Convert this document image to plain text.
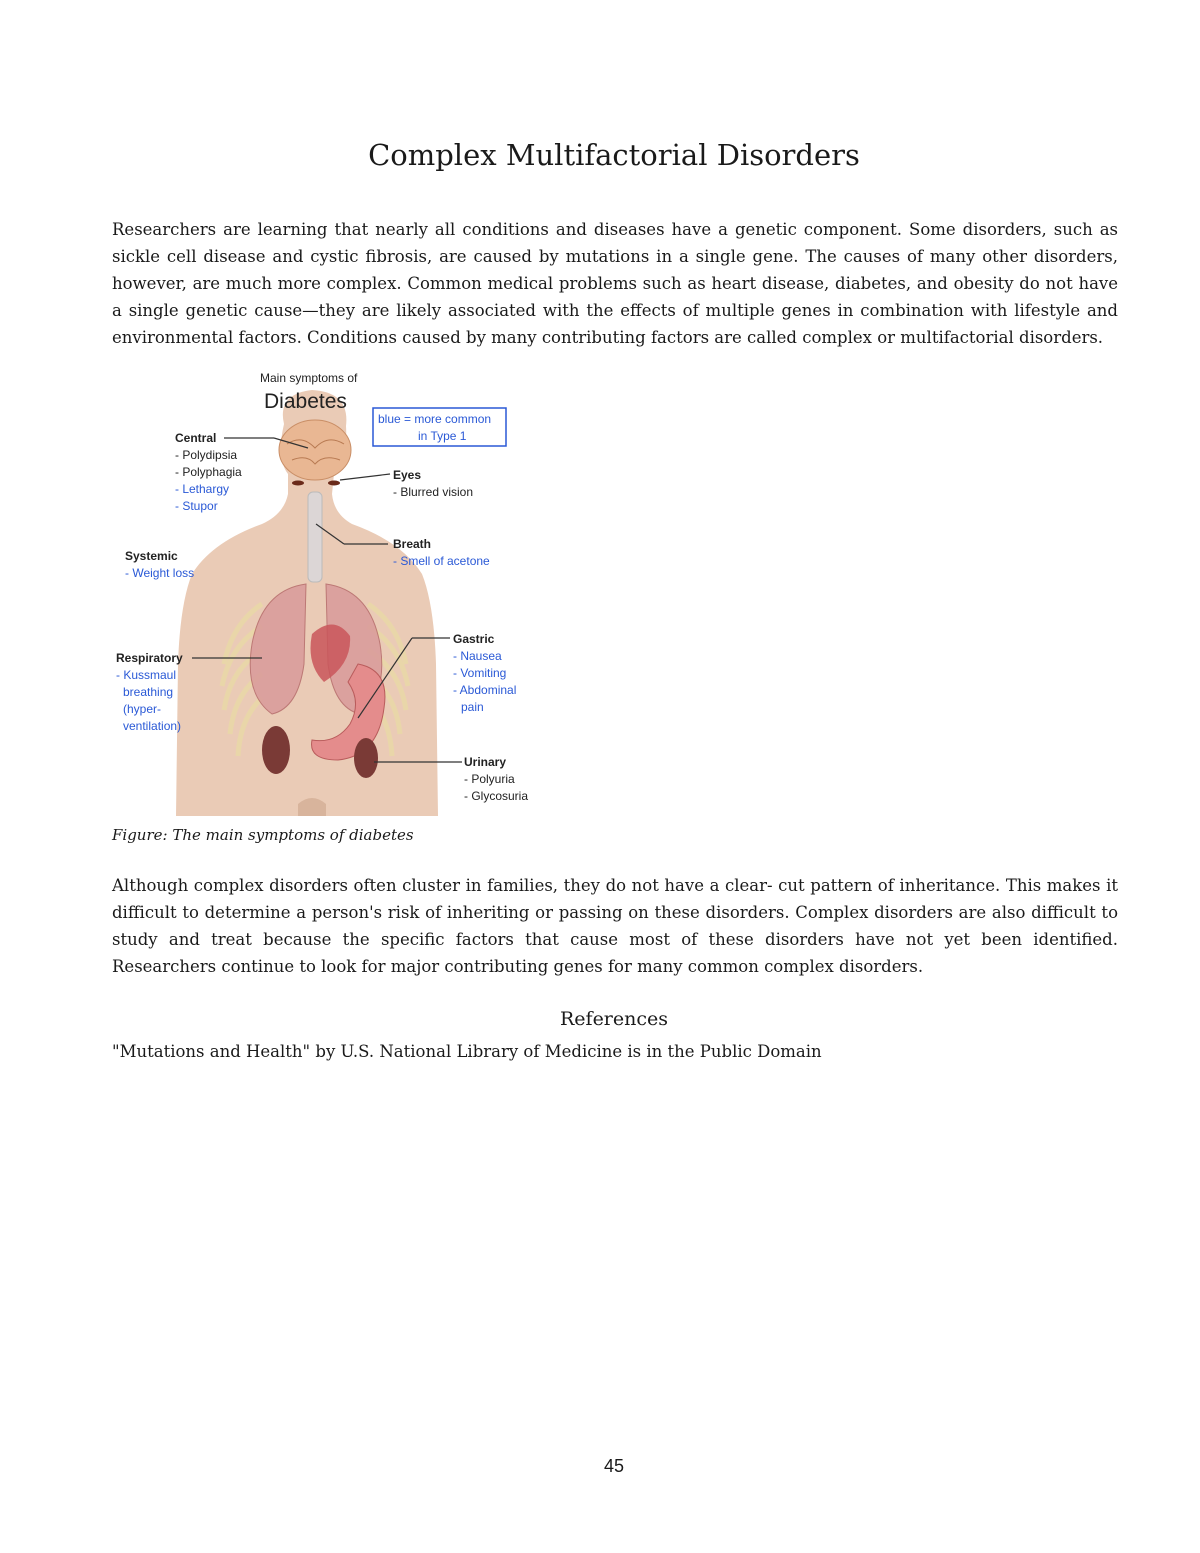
Complex Multifactorial Disorders

Researchers are learning that nearly all conditions and diseases have a genetic component. Some disorders, such as sickle cell disease and cystic fibrosis, are caused by mutations in a single gene. The causes of many other disorders, however, are much more complex. Common medical problems such as heart disease, diabetes, and obesity do not have a single genetic cause—they are likely associated with the effects of multiple genes in combination with lifestyle and environmental factors. Conditions caused by many contributing factors are called complex or multifactorial disorders.

Main symptoms of
Diabetes
blue = more common
in Type 1
Central
- Polydipsia
- Polyphagia
- Lethargy
- Stupor
Eyes
- Blurred vision
Breath
- Smell of acetone
Systemic
- Weight loss
Gastric
- Nausea
- Vomiting
- Abdominal
pain
Respiratory
- Kussmaul
breathing
(hyper-
ventilation)
Urinary
- Polyuria
- Glycosuria

Figure: The main symptoms of diabetes

Although complex disorders often cluster in families, they do not have a clear- cut pattern of inheritance. This makes it difficult to determine a person's risk of inheriting or passing on these disorders. Complex disorders are also difficult to study and treat because the specific factors that cause most of these disorders have not yet been identified. Researchers continue to look for major contributing genes for many common complex disorders.

References

"Mutations and Health" by U.S. National Library of Medicine is in the Public Domain

45
